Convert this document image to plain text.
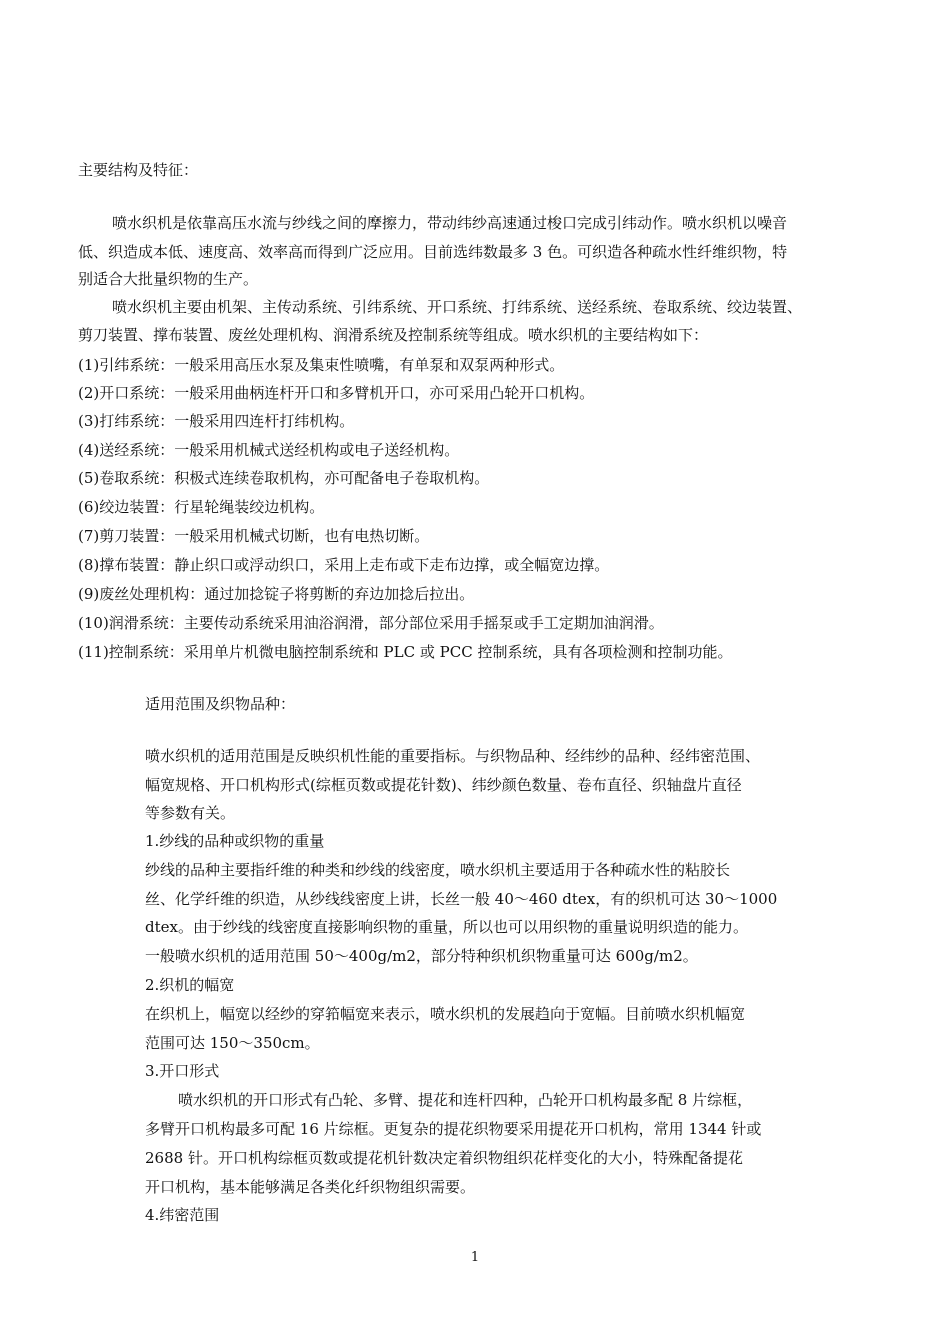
主要结构及特征：
喷水织机是依靠高压水流与纱线之间的摩擦力，带动纬纱高速通过梭口完成引纬动作。喷水织机以噪音
低、织造成本低、速度高、效率高而得到广泛应用。目前选纬数最多 3 色。可织造各种疏水性纤维织物，特
别适合大批量织物的生产。
喷水织机主要由机架、主传动系统、引纬系统、开口系统、打纬系统、送经系统、卷取系统、绞边装置、
剪刀装置、撑布装置、废丝处理机构、润滑系统及控制系统等组成。喷水织机的主要结构如下：
(1)引纬系统：一般采用高压水泵及集束性喷嘴，有单泵和双泵两种形式。
(2)开口系统：一般采用曲柄连杆开口和多臂机开口，亦可采用凸轮开口机构。
(3)打纬系统：一般采用四连杆打纬机构。
(4)送经系统：一般采用机械式送经机构或电子送经机构。
(5)卷取系统：积极式连续卷取机构，亦可配备电子卷取机构。
(6)绞边装置：行星轮绳装绞边机构。
(7)剪刀装置：一般采用机械式切断，也有电热切断。
(8)撑布装置：静止织口或浮动织口，采用上走布或下走布边撑，或全幅宽边撑。
(9)废丝处理机构：通过加捻锭子将剪断的弃边加捻后拉出。
(10)润滑系统：主要传动系统采用油浴润滑，部分部位采用手摇泵或手工定期加油润滑。
(11)控制系统：采用单片机微电脑控制系统和 PLC 或 PCC 控制系统，具有各项检测和控制功能。
适用范围及织物品种：
喷水织机的适用范围是反映织机性能的重要指标。与织物品种、经纬纱的品种、经纬密范围、
幅宽规格、开口机构形式(综框页数或提花针数)、纬纱颜色数量、卷布直径、织轴盘片直径
等参数有关。
1.纱线的品种或织物的重量
纱线的品种主要指纤维的种类和纱线的线密度，喷水织机主要适用于各种疏水性的粘胶长
丝、化学纤维的织造，从纱线线密度上讲，长丝一般 40～460 dtex，有的织机可达 30～1000
dtex。由于纱线的线密度直接影响织物的重量，所以也可以用织物的重量说明织造的能力。
一般喷水织机的适用范围 50～400g/m2，部分特种织机织物重量可达 600g/m2。
2.织机的幅宽
在织机上，幅宽以经纱的穿筘幅宽来表示，喷水织机的发展趋向于宽幅。目前喷水织机幅宽
范围可达 150～350cm。
3.开口形式
喷水织机的开口形式有凸轮、多臂、提花和连杆四种，凸轮开口机构最多配 8 片综框，
多臂开口机构最多可配 16 片综框。更复杂的提花织物要采用提花开口机构，常用 1344 针或
2688 针。开口机构综框页数或提花机针数决定着织物组织花样变化的大小，特殊配备提花
开口机构，基本能够满足各类化纤织物组织需要。
4.纬密范围
1
